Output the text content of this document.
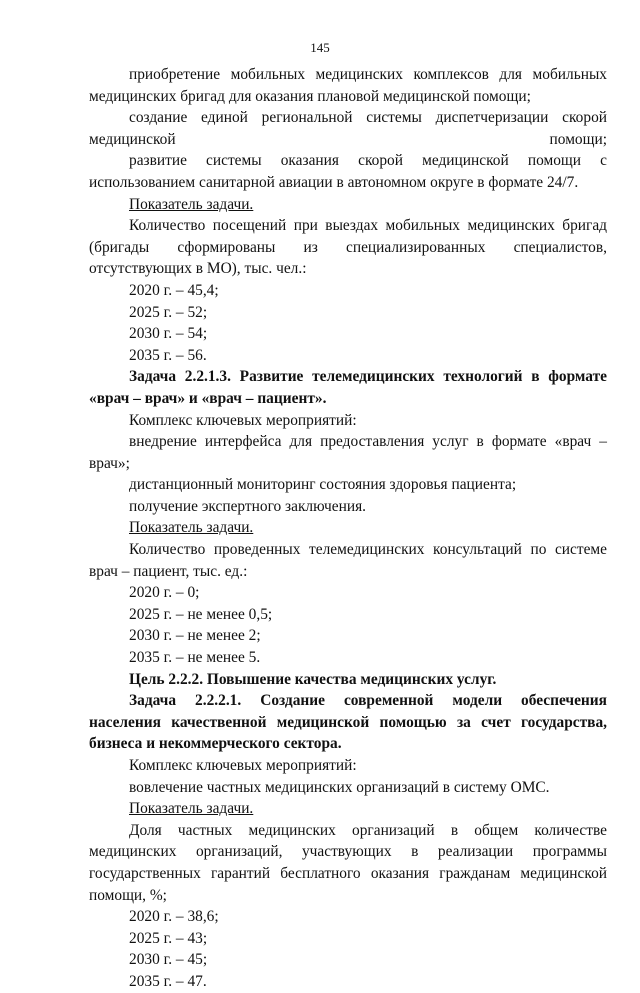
145

приобретение мобильных медицинских комплексов для мобильных медицинских бригад для оказания плановой медицинской помощи;

создание единой региональной системы диспетчеризации скорой медицинской помощи;

развитие системы оказания скорой медицинской помощи с использованием санитарной авиации в автономном округе в формате 24/7.

Показатель задачи.

Количество посещений при выездах мобильных медицинских бригад (бригады сформированы из специализированных специалистов, отсутствующих в МО), тыс. чел.:

2020 г. – 45,4;

2025 г. – 52;

2030 г. – 54;

2035 г. – 56.

Задача 2.2.1.3. Развитие телемедицинских технологий в формате «врач – врач» и «врач – пациент».

Комплекс ключевых мероприятий:

внедрение интерфейса для предоставления услуг в формате «врач – врач»;

дистанционный мониторинг состояния здоровья пациента;

получение экспертного заключения.

Показатель задачи.

Количество проведенных телемедицинских консультаций по системе врач – пациент, тыс. ед.:

2020 г. – 0;

2025 г. – не менее 0,5;

2030 г. – не менее 2;

2035 г. – не менее 5.

Цель 2.2.2. Повышение качества медицинских услуг.

Задача 2.2.2.1. Создание современной модели обеспечения населения качественной медицинской помощью за счет государства, бизнеса и некоммерческого сектора.

Комплекс ключевых мероприятий:

вовлечение частных медицинских организаций в систему ОМС.

Показатель задачи.

Доля частных медицинских организаций в общем количестве медицинских организаций, участвующих в реализации программы государственных гарантий бесплатного оказания гражданам медицинской помощи, %;

2020 г. – 38,6;

2025 г. – 43;

2030 г. – 45;

2035 г. – 47.
